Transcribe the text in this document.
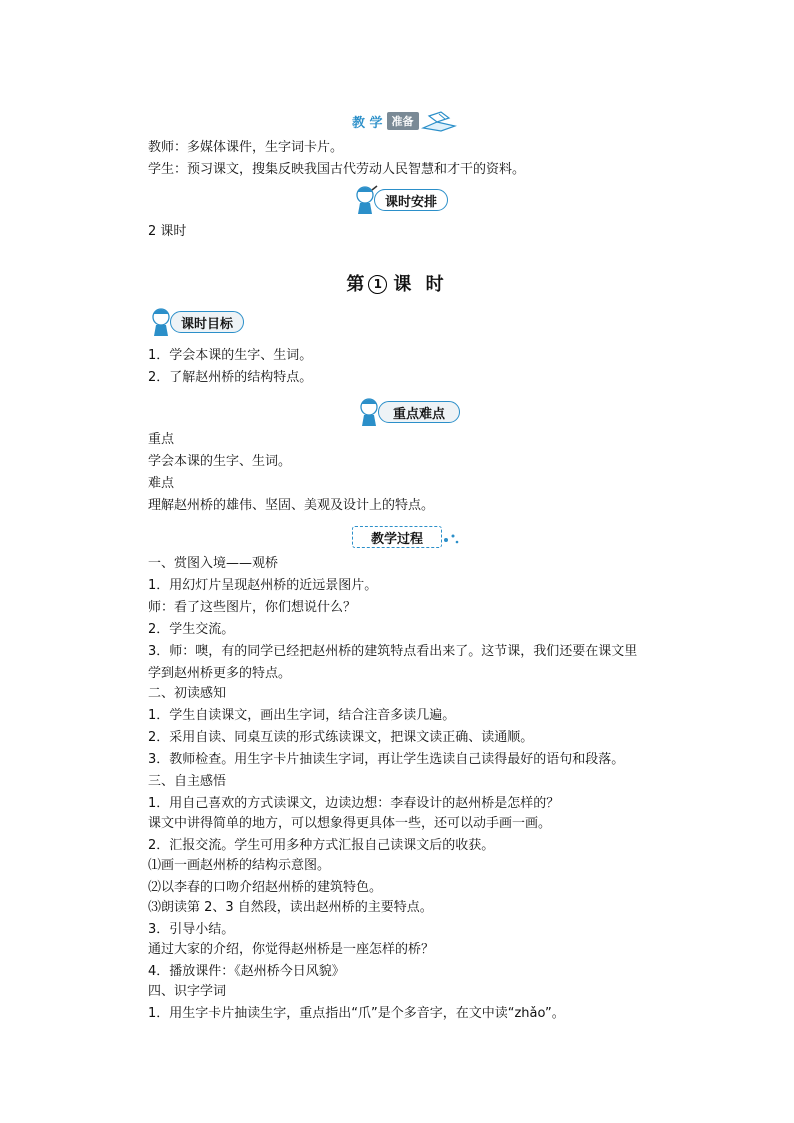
教 学 准备
教师：多媒体课件，生字词卡片。
学生：预习课文，搜集反映我国古代劳动人民智慧和才干的资料。
课时安排
2 课时
第 1 课 时
课时目标
1．学会本课的生字、生词。
2．了解赵州桥的结构特点。
重点难点
重点
学会本课的生字、生词。
难点
理解赵州桥的雄伟、坚固、美观及设计上的特点。
教学过程
一、赏图入境——观桥
1．用幻灯片呈现赵州桥的近远景图片。
师：看了这些图片，你们想说什么？
2．学生交流。
3．师：噢，有的同学已经把赵州桥的建筑特点看出来了。这节课，我们还要在课文里
学到赵州桥更多的特点。
二、初读感知
1．学生自读课文，画出生字词，结合注音多读几遍。
2．采用自读、同桌互读的形式练读课文，把课文读正确、读通顺。
3．教师检查。用生字卡片抽读生字词，再让学生选读自己读得最好的语句和段落。
三、自主感悟
1．用自己喜欢的方式读课文，边读边想：李春设计的赵州桥是怎样的？
课文中讲得简单的地方，可以想象得更具体一些，还可以动手画一画。
2．汇报交流。学生可用多种方式汇报自己读课文后的收获。
⑴画一画赵州桥的结构示意图。
⑵以李春的口吻介绍赵州桥的建筑特色。
⑶朗读第 2、3 自然段，读出赵州桥的主要特点。
3．引导小结。
通过大家的介绍，你觉得赵州桥是一座怎样的桥？
4．播放课件：《赵州桥今日风貌》
四、识字学词
1．用生字卡片抽读生字，重点指出“爪”是个多音字，在文中读“zhǎo”。
